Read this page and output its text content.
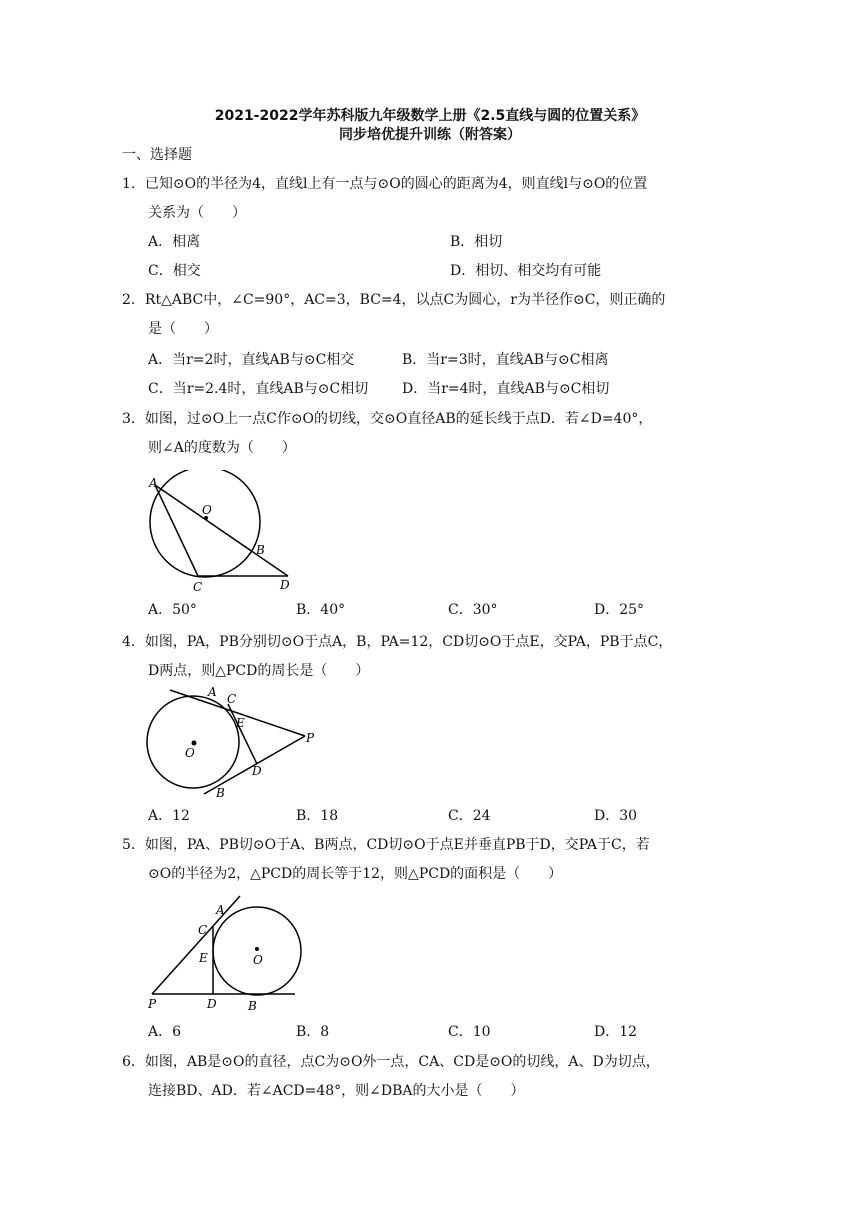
2021-2022学年苏科版九年级数学上册《2.5直线与圆的位置关系》
同步培优提升训练（附答案）
一、选择题
1．已知⊙O的半径为4，直线l上有一点与⊙O的圆心的距离为4，则直线l与⊙O的位置
关系为（　　）
A．相离	B．相切
C．相交	D．相切、相交均有可能
2．Rt△ABC中，∠C=90°，AC=3，BC=4，以点C为圆心，r为半径作⊙C，则正确的
是（　　）
A．当r=2时，直线AB与⊙C相交	B．当r=3时，直线AB与⊙C相离
C．当r=2.4时，直线AB与⊙C相切 D．当r=4时，直线AB与⊙C相切
3．如图，过⊙O上一点C作⊙O的切线，交⊙O直径AB的延长线于点D．若∠D=40°，
则∠A的度数为（　　）
A
O
B
C	D
A．50°	B．40°	C．30°	D．25°
4．如图，PA，PB分别切⊙O于点A，B，PA=12，CD切⊙O于点E，交PA，PB于点C，
D两点，则△PCD的周长是（　　）
A C
E
P
O
D
B
A．12	B．18	C．24	D．30
5．如图，PA、PB切⊙O于A、B两点，CD切⊙O于点E并垂直PB于D，交PA于C，若
⊙O的半径为2，△PCD的周长等于12，则△PCD的面积是（　　）
A
C
E	O
P	D	B
A．6	B．8	C．10	D．12
6．如图，AB是⊙O的直径，点C为⊙O外一点，CA、CD是⊙O的切线，A、D为切点，
连接BD、AD．若∠ACD=48°，则∠DBA的大小是（　　）
